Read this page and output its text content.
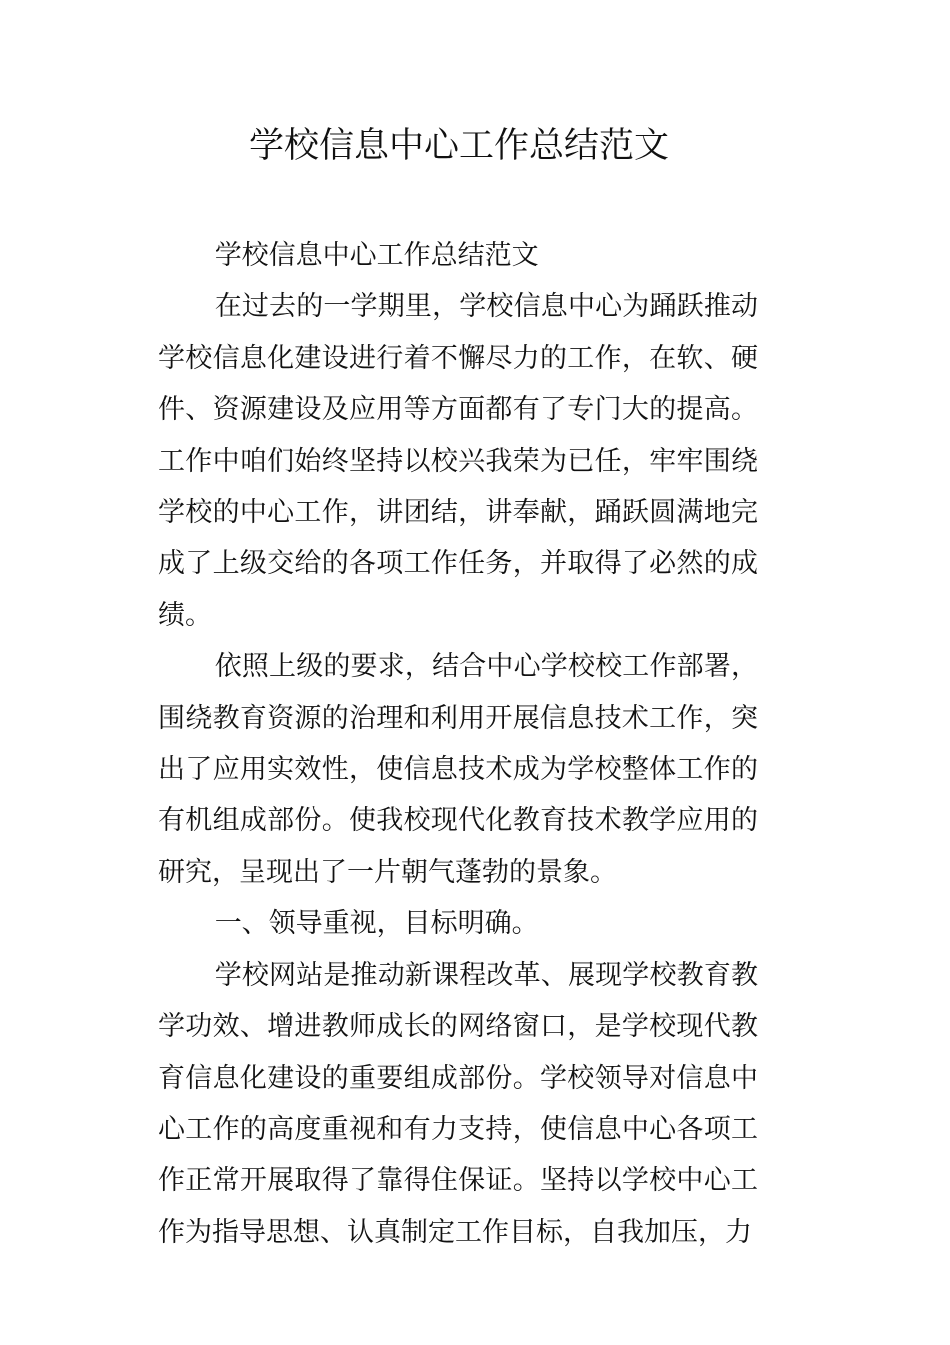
学校信息中心工作总结范文

学校信息中心工作总结范文

在过去的一学期里，学校信息中心为踊跃推动学校信息化建设进行着不懈尽力的工作，在软、硬件、资源建设及应用等方面都有了专门大的提高。工作中咱们始终坚持以校兴我荣为已任，牢牢围绕学校的中心工作，讲团结，讲奉献，踊跃圆满地完成了上级交给的各项工作任务，并取得了必然的成绩。

依照上级的要求，结合中心学校校工作部署，围绕教育资源的治理和利用开展信息技术工作，突出了应用实效性，使信息技术成为学校整体工作的有机组成部份。使我校现代化教育技术教学应用的研究，呈现出了一片朝气蓬勃的景象。

一、领导重视，目标明确。

学校网站是推动新课程改革、展现学校教育教学功效、增进教师成长的网络窗口，是学校现代教育信息化建设的重要组成部份。学校领导对信息中心工作的高度重视和有力支持，使信息中心各项工作正常开展取得了靠得住保证。坚持以学校中心工作为指导思想、认真制定工作目标，自我加压，力
